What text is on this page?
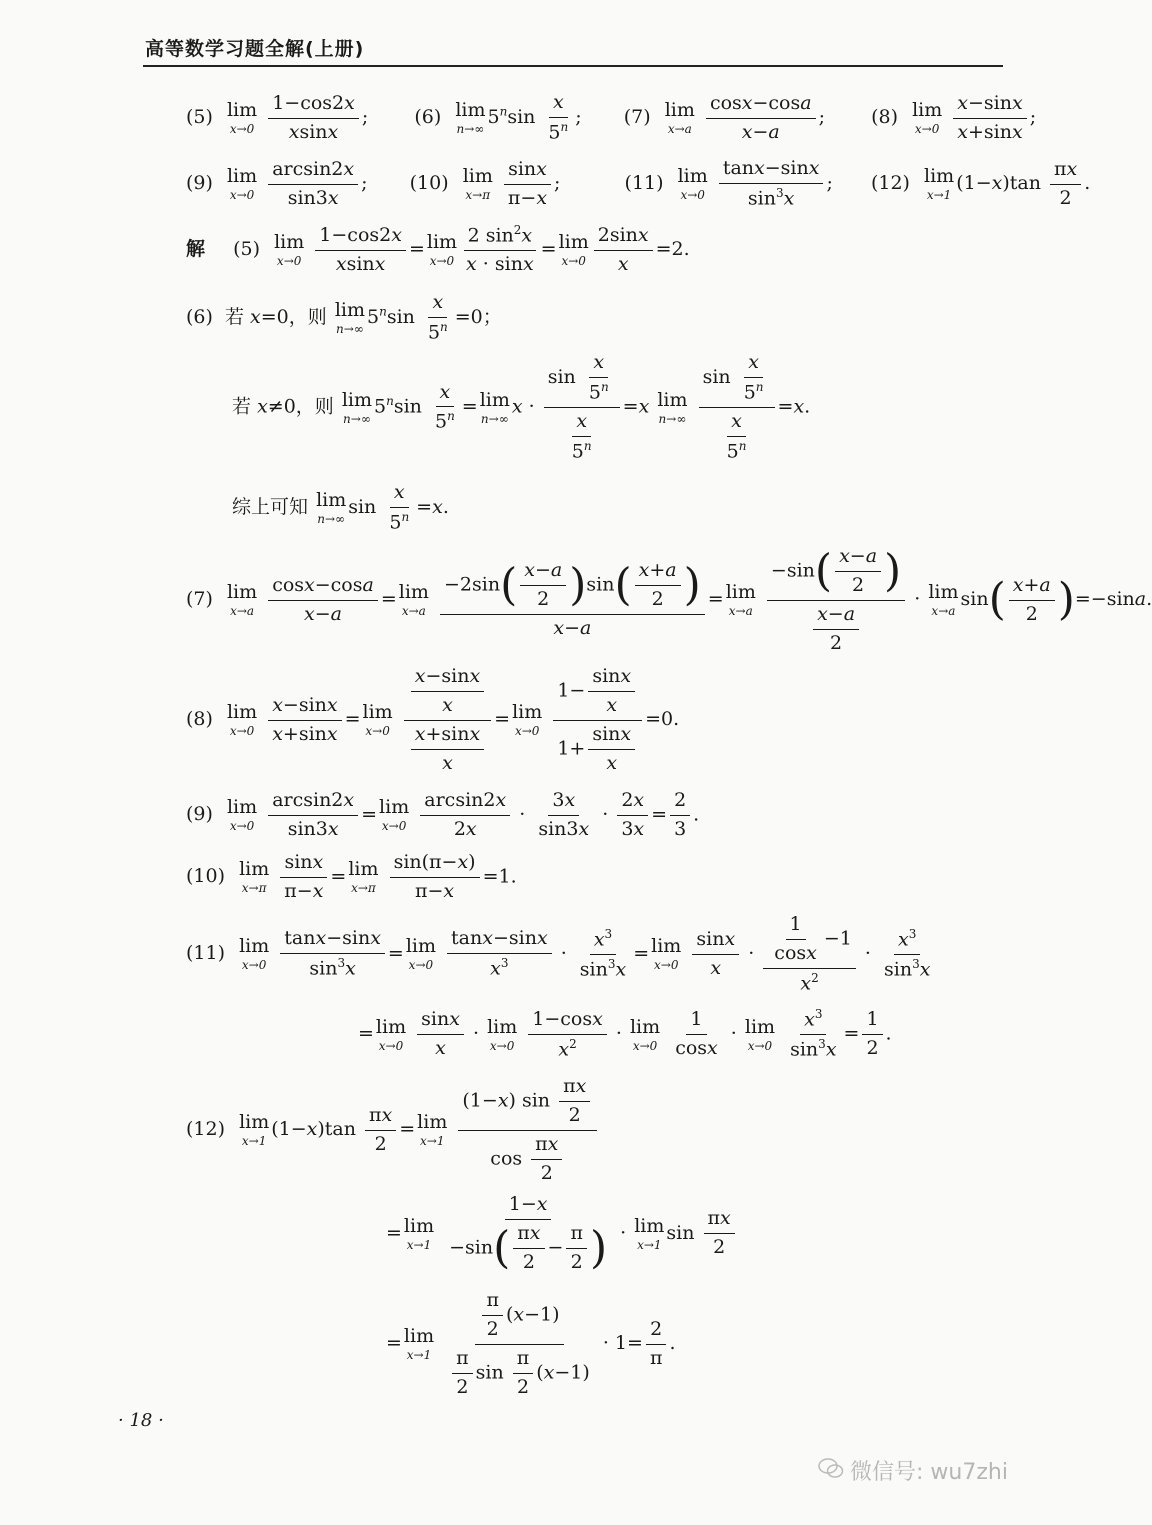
高等数学习题全解(上册)
(5) lim
x→0
$\frac{1-\cos 2x}{xsinx}$ ;  (6) lim
n→∞
$5^n\sin \frac{x}{5^n}$ ;  (7) lim
x→a
$\frac{\cos x-\cos a}{x-a}$ ;  (8) lim
x→0
$\frac{x-\sin x}{x+\sin x}$ ;
(9) lim
x→0
$\frac{\arcsin 2x}{\sin 3x}$ ;  (10) lim
x→π
$\frac{\sin x}{\pi-x}$ ;	(11) lim
x→0
$\frac{\tan x-\sin x}{\sin^3x}$ ;  (12) lim
x→1
$(1-x)\tan \frac{\pi x}{2}$ .
解 (5) lim
x→0
$\frac{1-\cos 2x}{xsinx} = \lim$
$x\to 0 \frac{2 \sin^2x}{x \cdot \sin x} = \lim$
$x\to 0 \frac{2\sin x}{x} =2$.
(6) 若 x=0，则 lim
n→∞
$5^n\sin \frac{x}{5^n} =0$；
若 x≠0，则 lim
n→∞
$5^n\sin \frac{x}{5^n} = \lim$
n→∞
$x \cdot \frac{\sin \frac{x}{5^n}}{\frac{x}{5^n}} =x$ lim
n→∞
$\frac{\sin \frac{x}{5^n}}{\frac{x}{5^n}} =x$.
综上可知 lim
n→∞
$\sin \frac{x}{5^n} =x$.
(7) lim
x→a
$\frac{\cos x-\cos a}{x-a} = \lim$
x→a
$\frac{-2\sin( \frac{x-a}{2} )\sin( \frac{x+a}{2} )}{x-a} = \lim$
x→a
$\frac{-\sin( \frac{x-a}{2} )}{\frac{x-a}{2}} \cdot \lim$
x→a
$\sin( \frac{x+a}{2} )=-\sin a$.
(8) lim
x→0
$\frac{x-\sin x}{x+\sin x} = \lim$
x→0
$\frac{\frac{x-\sin x}{x}}{\frac{x+\sin x}{x}} = \lim$
x→0
$\frac{1- \frac{\sin x}{x}}{1+ \frac{\sin x}{x}} =0$.
(9) lim
x→0
$\frac{\arcsin 2x}{\sin 3x} = \lim$
x→0
$\frac{\arcsin 2x}{2x} \cdot \frac{3x}{\sin 3x} \cdot \frac{2x}{3x} = \frac{2}{3}$ .
(10) lim
x→π
$\frac{\sin x}{\pi-x} = \lim$
x→π
$\frac{\sin(\pi-x)}{\pi-x} =1$.
(11) lim
x→0
$\frac{\tan x-\sin x}{\sin^3x} = \lim$
x→0
$\frac{\tan x-\sin x}{x^3} \cdot \frac{x^3}{\sin^3x} = \lim$
x→0
$\frac{\sin x}{x} \cdot \frac{\frac{1}{\cos x} -1}{x^2} \cdot \frac{x^3}{\sin^3x}$
= lim
x→0
$\frac{\sin x}{x} \cdot \lim$
x→0
$\frac{1-\cos x}{x^2} \cdot \lim$
x→0
$\frac{1}{\cos x} \cdot \lim$
x→0
$\frac{x^3}{\sin^3x} = \frac{1}{2}$ .
(12) lim
x→1
$(1-x)\tan \frac{\pi x}{2} = \lim$
x→1
$\frac{(1-x) \sin \frac{\pi x}{2}}{\cos \frac{\pi x}{2}}$
= lim
x→1
$\frac{1-x}{-\sin( \frac{\pi x}{2} - \frac{\pi}{2} )} \cdot \lim$
x→1
$\sin \frac{\pi x}{2}$
= lim
x→1
$\frac{\frac{\pi}{2} (x-1)}{\frac{\pi}{2} \sin \frac{\pi}{2} (x-1)} \cdot 1= \frac{2}{\pi}$ .
· 18 ·
微信号: wu7zhi
